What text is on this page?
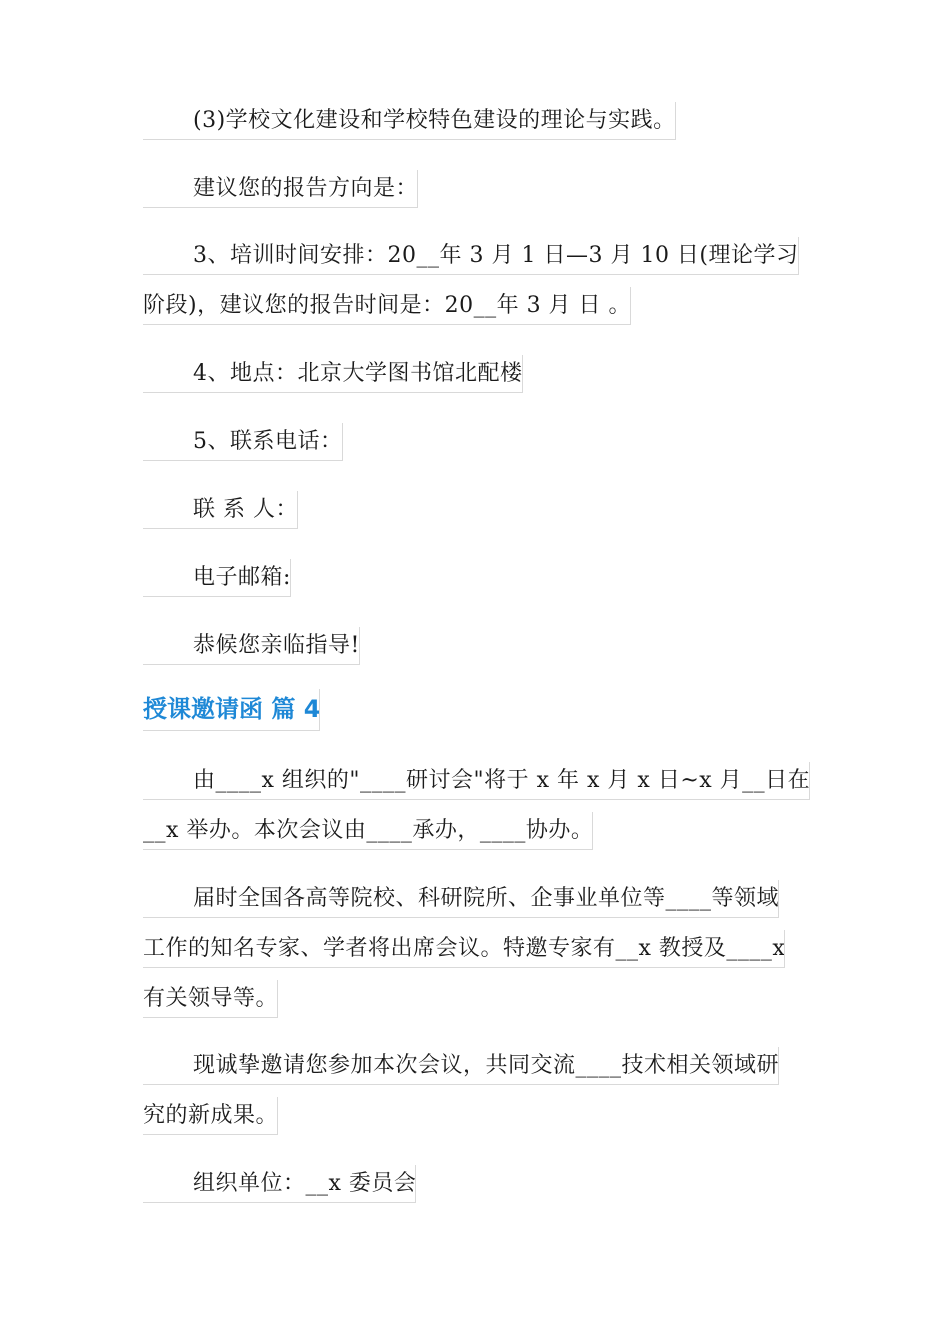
(3)学校文化建设和学校特色建设的理论与实践。
建议您的报告方向是：
3、培训时间安排：20__年 3 月 1 日—3 月 10 日(理论学习
阶段)，建议您的报告时间是：20__年 3 月 日 。
4、地点：北京大学图书馆北配楼
5、联系电话：
联 系 人：
电子邮箱:
恭候您亲临指导!
授课邀请函 篇 4
由____x 组织的"____研讨会"将于 x 年 x 月 x 日~x 月__日在
__x 举办。本次会议由____承办，____协办。
届时全国各高等院校、科研院所、企事业单位等____等领域
工作的知名专家、学者将出席会议。特邀专家有__x 教授及____x
有关领导等。
现诚挚邀请您参加本次会议，共同交流____技术相关领域研
究的新成果。
组织单位：__x 委员会
